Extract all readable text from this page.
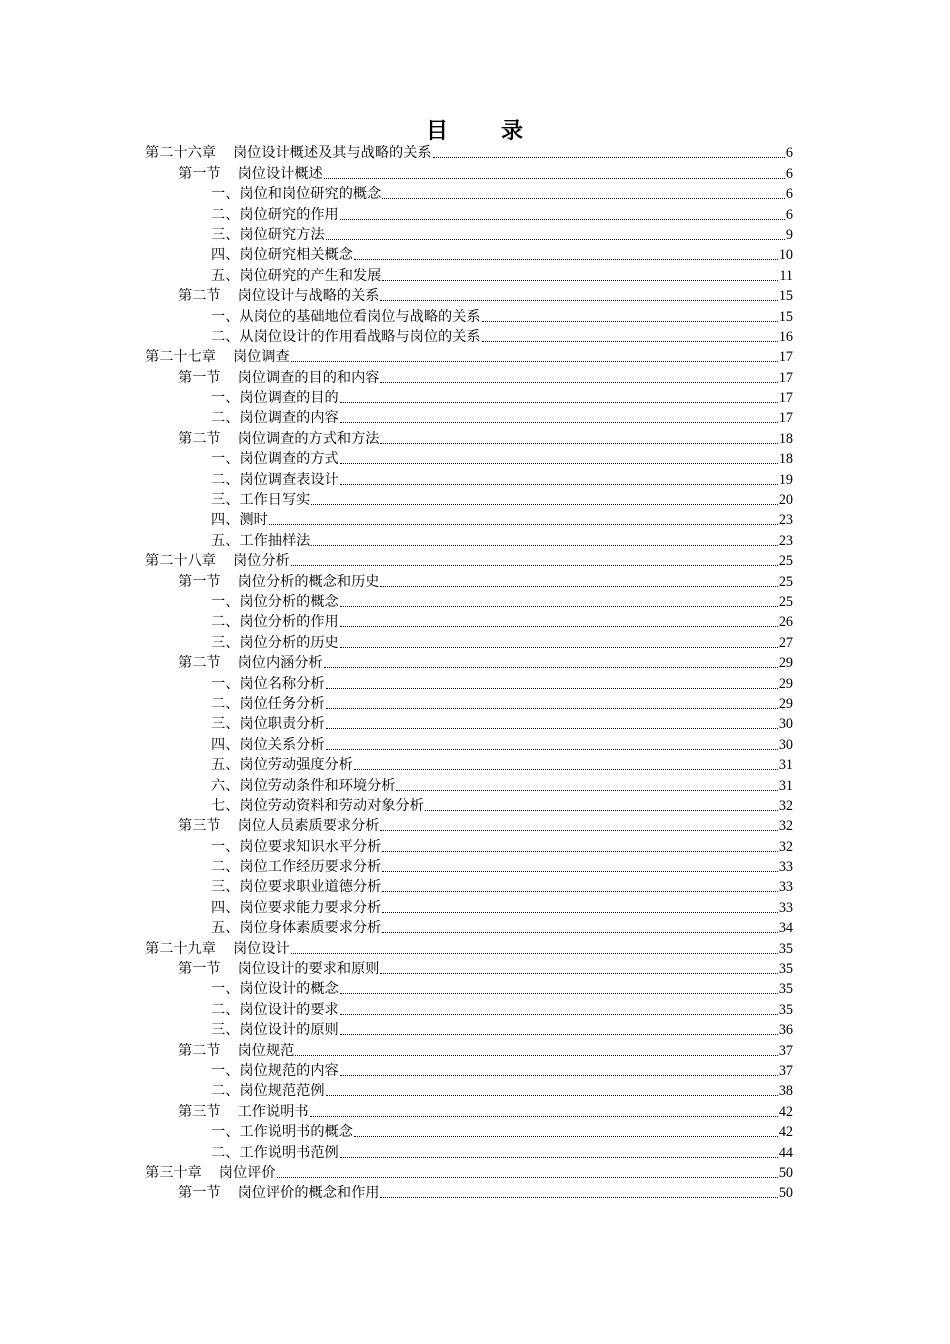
目 录
第二十六章 岗位设计概述及其与战略的关系	6
第一节 岗位设计概述	6
一、岗位和岗位研究的概念	6
二、岗位研究的作用	6
三、岗位研究方法	9
四、岗位研究相关概念	10
五、岗位研究的产生和发展	11
第二节 岗位设计与战略的关系	15
一、从岗位的基础地位看岗位与战略的关系	15
二、从岗位设计的作用看战略与岗位的关系	16
第二十七章 岗位调查	17
第一节 岗位调查的目的和内容	17
一、岗位调查的目的	17
二、岗位调查的内容	17
第二节 岗位调查的方式和方法	18
一、岗位调查的方式	18
二、岗位调查表设计	19
三、工作日写实	20
四、测时	23
五、工作抽样法	23
第二十八章 岗位分析	25
第一节 岗位分析的概念和历史	25
一、岗位分析的概念	25
二、岗位分析的作用	26
三、岗位分析的历史	27
第二节 岗位内涵分析	29
一、岗位名称分析	29
二、岗位任务分析	29
三、岗位职责分析	30
四、岗位关系分析	30
五、岗位劳动强度分析	31
六、岗位劳动条件和环境分析	31
七、岗位劳动资料和劳动对象分析	32
第三节 岗位人员素质要求分析	32
一、岗位要求知识水平分析	32
二、岗位工作经历要求分析	33
三、岗位要求职业道德分析	33
四、岗位要求能力要求分析	33
五、岗位身体素质要求分析	34
第二十九章 岗位设计	35
第一节 岗位设计的要求和原则	35
一、岗位设计的概念	35
二、岗位设计的要求	35
三、岗位设计的原则	36
第二节 岗位规范	37
一、岗位规范的内容	37
二、岗位规范范例	38
第三节 工作说明书	42
一、工作说明书的概念	42
二、工作说明书范例	44
第三十章 岗位评价	50
第一节 岗位评价的概念和作用	50
